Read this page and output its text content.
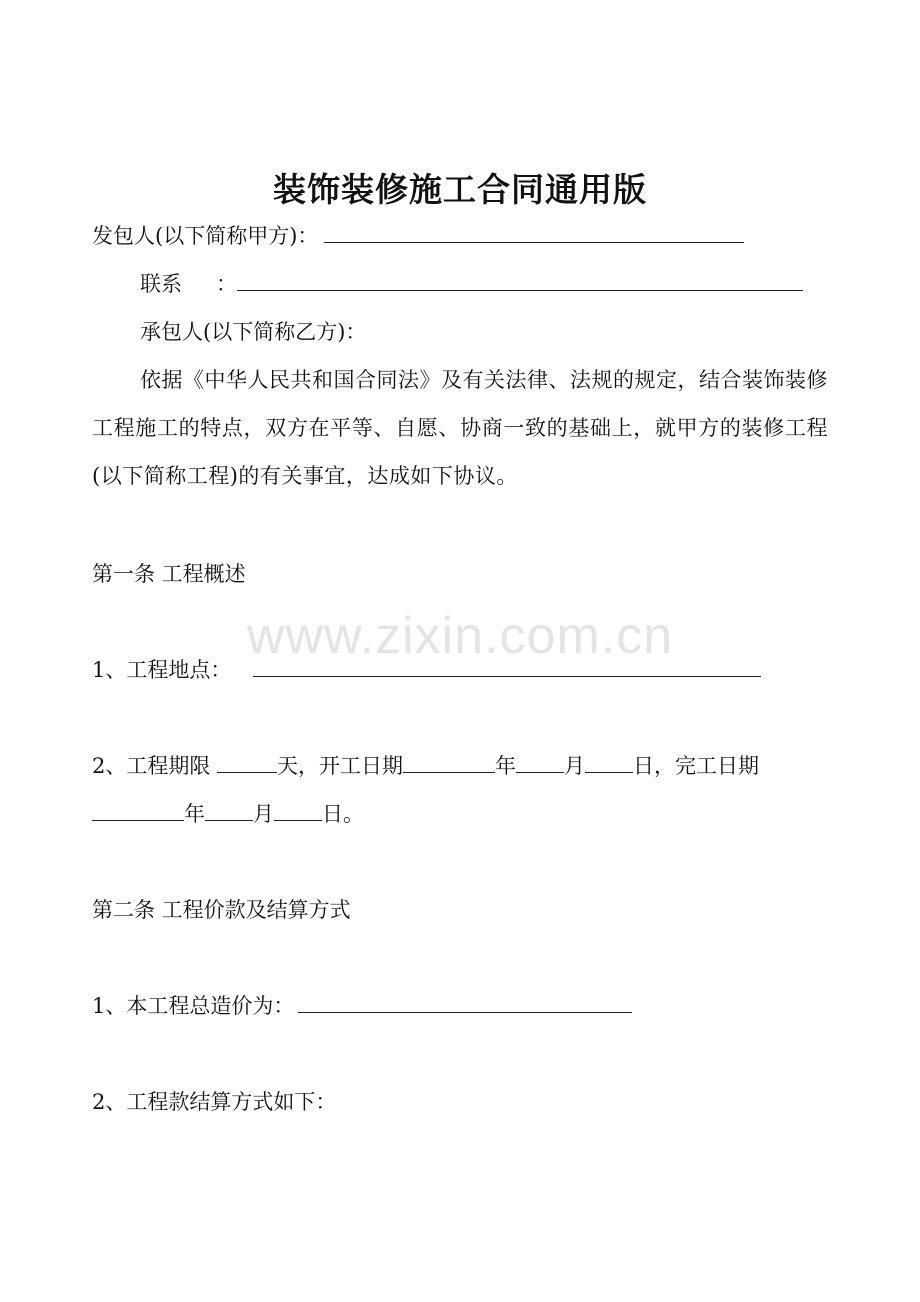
装饰装修施工合同通用版
发包人(以下简称甲方)：
联系 ：
承包人(以下简称乙方)：
依据《中华人民共和国合同法》及有关法律、法规的规定，结合装饰装修工程施工的特点，双方在平等、自愿、协商一致的基础上，就甲方的装修工程(以下简称工程)的有关事宜，达成如下协议。
第一条 工程概述
www.zixin.com.cn
1、工程地点：
2、工程期限	天，开工日期	年 月 日，完工日期
年 月 日。
第二条 工程价款及结算方式
1、本工程总造价为：
2、工程款结算方式如下：
